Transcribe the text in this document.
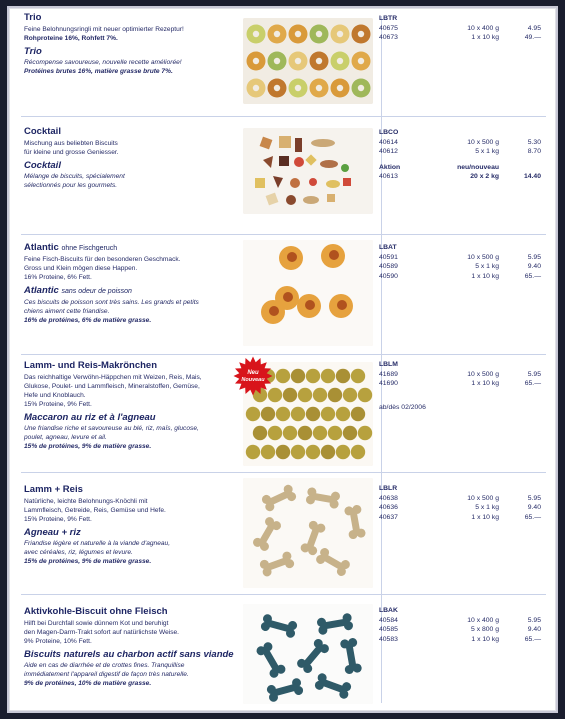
Trio
Feine Belohnungsringli mit neuer optimierter Rezeptur!
Rohproteine 16%, Rohfett 7%.
Trio
Récompense savoureuse, nouvelle recette améliorée!
Protéines brutes 16%, matière grasse brute 7%.
LBTR
40675
40673
10 x 400 g
1 x 10 kg
4.95
49.—
Cocktail
Mischung aus beliebten Biscuits
für kleine und grosse Geniesser.
Cocktail
Mélange de biscuits, spécialement
sélectionnés pour les gourmets.
LBCO
40614
40612
Aktion
40613
10 x 500 g
5 x 1 kg
neu/nouveau
20 x 2 kg
5.30
8.70
14.40
Atlantic ohne Fischgeruch
Feine Fisch-Biscuits für den besonderen Geschmack.
Gross und Klein mögen diese Happen.
16% Proteine, 6% Fett.
Atlantic sans odeur de poisson
Ces biscuits de poisson sont très sains. Les grands et petits
chiens aiment cette friandise.
16% de protéines, 6% de matière grasse.
LBAT
40591
40589
40590
10 x 500 g
5 x 1 kg
1 x 10 kg
5.95
9.40
65.—
Lamm- und Reis-Makrönchen
Das reichhaltige Verwöhn-Häppchen mit Weizen, Reis, Mais,
Glukose, Poulet- und Lammfleisch, Mineralstoffen, Gemüse,
Hefe und Knoblauch.
15% Proteine, 9% Fett.
Maccaron au riz et à l'agneau
Une friandise riche et savoureuse au blé, riz, maïs, glucose,
poulet, agneau, levure et ail.
15% de protéines, 9% de matière grasse.
Neu
Nouveau
LBLM
41689
41690
ab/dès 02/2006
10 x 500 g
1 x 10 kg
5.95
65.—
Lamm + Reis
Natürliche, leichte Belohnungs-Knöchli mit
Lammfleisch, Getreide, Reis, Gemüse und Hefe.
15% Proteine, 9% Fett.
Agneau + riz
Friandise légère et naturelle à la viande d'agneau,
avec céréales, riz, légumes et levure.
15% de protéines, 9% de matière grasse.
LBLR
40638
40636
40637
10 x 500 g
5 x 1 kg
1 x 10 kg
5.95
9.40
65.—
Aktivkohle-Biscuit ohne Fleisch
Hilft bei Durchfall sowie dünnem Kot und beruhigt
den Magen-Darm-Trakt sofort auf natürlichste Weise.
9% Proteine, 10% Fett.
Biscuits naturels au charbon actif sans viande
Aide en cas de diarrhée et de crottes fines. Tranquillise
immédiatement l'appareil digestif de façon très naturelle.
9% de protéines, 10% de matière grasse.
LBAK
40584
40585
40583
10 x 400 g
5 x 800 g
1 x 10 kg
5.95
9.40
65.—
